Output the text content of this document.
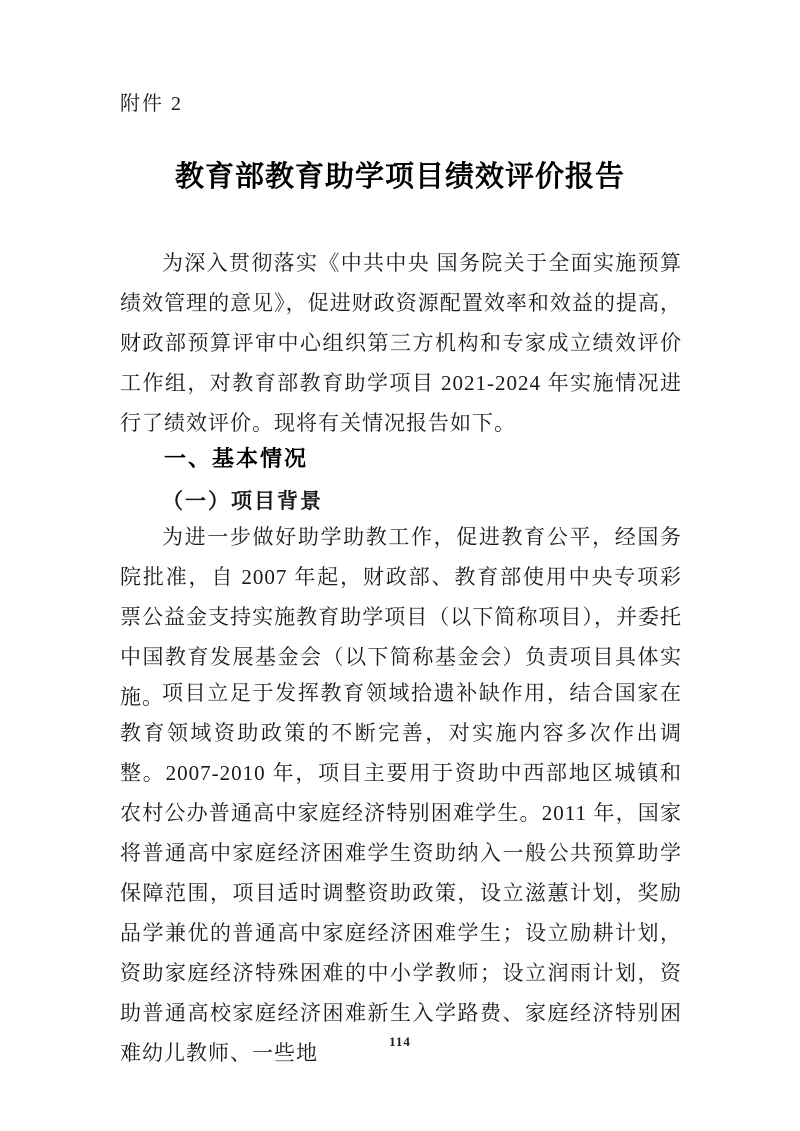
附件 2
教育部教育助学项目绩效评价报告

为深入贯彻落实《中共中央 国务院关于全面实施预算绩效管理的意见》，促进财政资源配置效率和效益的提高，财政部预算评审中心组织第三方机构和专家成立绩效评价工作组，对教育部教育助学项目 2021-2024 年实施情况进行了绩效评价。现将有关情况报告如下。

一、基本情况
（一）项目背景

为进一步做好助学助教工作，促进教育公平，经国务院批准，自 2007 年起，财政部、教育部使用中央专项彩票公益金支持实施教育助学项目（以下简称项目），并委托中国教育发展基金会（以下简称基金会）负责项目具体实施。

项目立足于发挥教育领域拾遗补缺作用，结合国家在教育领域资助政策的不断完善，对实施内容多次作出调整。2007-2010 年，项目主要用于资助中西部地区城镇和农村公办普通高中家庭经济特别困难学生。2011 年，国家将普通高中家庭经济困难学生资助纳入一般公共预算助学保障范围，项目适时调整资助政策，设立滋蕙计划，奖励品学兼优的普通高中家庭经济困难学生；设立励耕计划，资助家庭经济特殊困难的中小学教师；设立润雨计划，资助普通高校家庭经济困难新生入学路费、家庭经济特别困难幼儿教师、一些地	114
